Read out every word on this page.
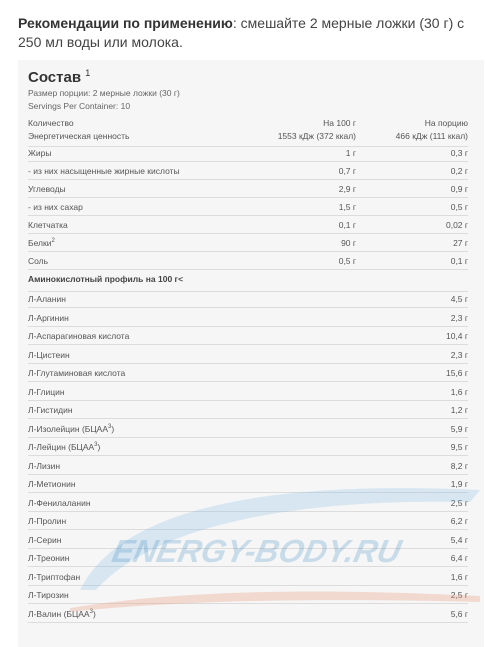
Рекомендации по применению: смешайте 2 мерные ложки (30 г) с 250 мл воды или молока.
Состав $^1$
Размер порции: 2 мерные ложки (30 г)
Servings Per Container: 10
Количество	На 100 г	На порцию
Энергетическая ценность	1553 кДж (372 ккал)	466 кДж (111 ккал)
Жиры	1 г	0,3 г
- из них насыщенные жирные кислоты	0,7 г	0,2 г
Углеводы	2,9 г	0,9 г
- из них сахар	1,5 г	0,5 г
Клетчатка	0,1 г	0,02 г
Белки$^2$	90 г	27 г
Соль	0,5 г	0,1 г
Аминокислотный профиль на 100 г<
Л-Аланин	4,5 г
Л-Аргинин	2,3 г
Л-Аспарагиновая кислота	10,4 г
Л-Цистеин	2,3 г
Л-Глутаминовая кислота	15,6 г
Л-Глицин	1,6 г
Л-Гистидин	1,2 г
Л-Изолейцин (БЦАА$^3$)	5,9 г
Л-Лейцин (БЦАА$^3$)	9,5 г
Л-Лизин	8,2 г
Л-Метионин	1,9 г
Л-Фенилаланин	2,5 г
Л-Пролин	6,2 г
Л-Серин	5,4 г
Л-Треонин	6,4 г
Л-Триптофан	1,6 г
Л-Тирозин	2,5 г
Л-Валин (БЦАА$^3$)	5,6 г
ENERGY-BODY.RU
